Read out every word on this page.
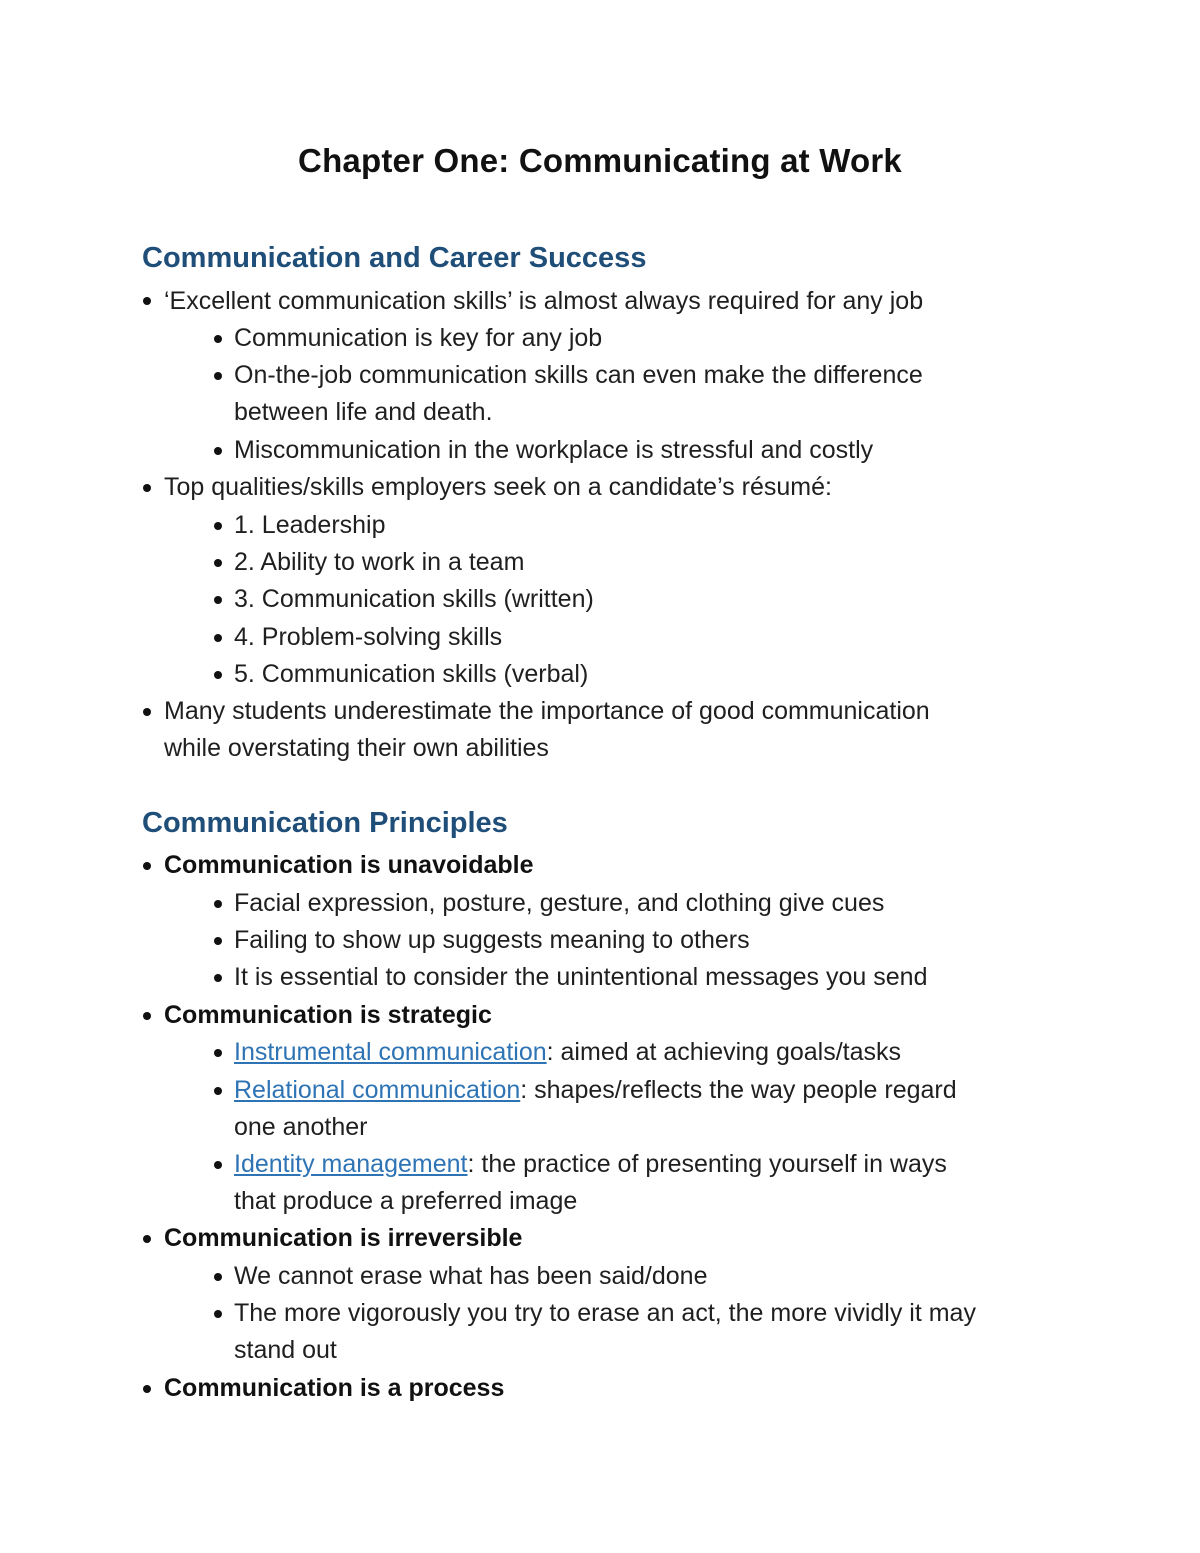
Chapter One: Communicating at Work
Communication and Career Success
‘Excellent communication skills’ is almost always required for any job
Communication is key for any job
On-the-job communication skills can even make the difference
between life and death.
Miscommunication in the workplace is stressful and costly
Top qualities/skills employers seek on a candidate’s résumé:
1. Leadership
2. Ability to work in a team
3. Communication skills (written)
4. Problem-solving skills
5. Communication skills (verbal)
Many students underestimate the importance of good communication
while overstating their own abilities
Communication Principles
Communication is unavoidable
Facial expression, posture, gesture, and clothing give cues
Failing to show up suggests meaning to others
It is essential to consider the unintentional messages you send
Communication is strategic
Instrumental communication: aimed at achieving goals/tasks
Relational communication: shapes/reflects the way people regard
one another
Identity management: the practice of presenting yourself in ways
that produce a preferred image
Communication is irreversible
We cannot erase what has been said/done
The more vigorously you try to erase an act, the more vividly it may
stand out
Communication is a process
